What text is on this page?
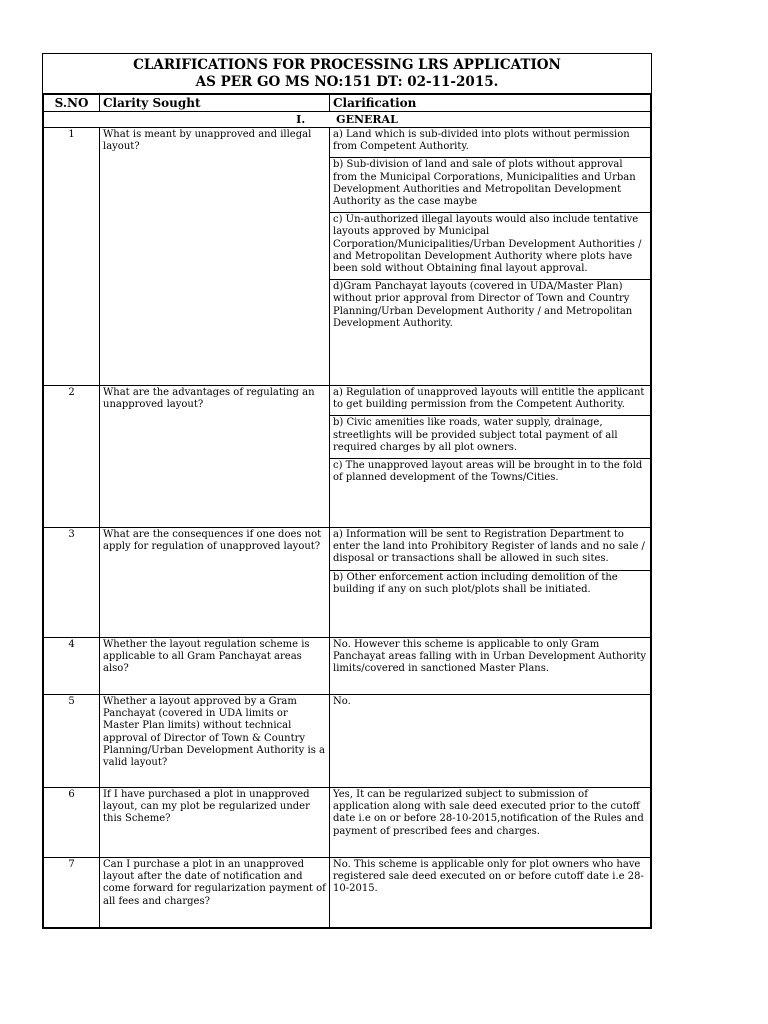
CLARIFICATIONS FOR PROCESSING LRS APPLICATION
AS PER GO MS NO:151 DT: 02-11-2015.
S.NO	Clarity Sought	Clarification
I. GENERAL		
1	What is meant by unapproved and illegal layout?	a) Land which is sub-divided into plots without permission from Competent Authority.
b) Sub-division of land and sale of plots without approval from the Municipal Corporations, Municipalities and Urban Development Authorities and Metropolitan Development Authority as the case maybe
c) Un-authorized illegal layouts would also include tentative layouts approved by Municipal Corporation/Municipalities/Urban Development Authorities / and Metropolitan Development Authority where plots have been sold without Obtaining final layout approval.
d)Gram Panchayat layouts (covered in UDA/Master Plan) without prior approval from Director of Town and Country Planning/Urban Development Authority / and Metropolitan Development Authority.

2	What are the advantages of regulating an unapproved layout?	a) Regulation of unapproved layouts will entitle the applicant to get building permission from the Competent Authority.
b) Civic amenities like roads, water supply, drainage, streetlights will be provided subject total payment of all required charges by all plot owners.
c) The unapproved layout areas will be brought in to the fold of planned development of the Towns/Cities.

3	What are the consequences if one does not apply for regulation of unapproved layout?	a) Information will be sent to Registration Department to enter the land into Prohibitory Register of lands and no sale / disposal or transactions shall be allowed in such sites.
b) Other enforcement action including demolition of the building if any on such plot/plots shall be initiated.

4	Whether the layout regulation scheme is applicable to all Gram Panchayat areas also?	No. However this scheme is applicable to only Gram Panchayat areas falling with in Urban Development Authority limits/covered in sanctioned Master Plans.

5	Whether a layout approved by a Gram Panchayat (covered in UDA limits or Master Plan limits) without technical approval of Director of Town & Country Planning/Urban Development Authority is a valid layout?	No.

6	If I have purchased a plot in unapproved layout, can my plot be regularized under this Scheme?	Yes, It can be regularized subject to submission of application along with sale deed executed prior to the cutoff date i.e on or before 28-10-2015,notification of the Rules and payment of prescribed fees and charges.

7	Can I purchase a plot in an unapproved layout after the date of notification and come forward for regularization payment of all fees and charges?	No. This scheme is applicable only for plot owners who have registered sale deed executed on or before cutoff date i.e 28-10-2015.
